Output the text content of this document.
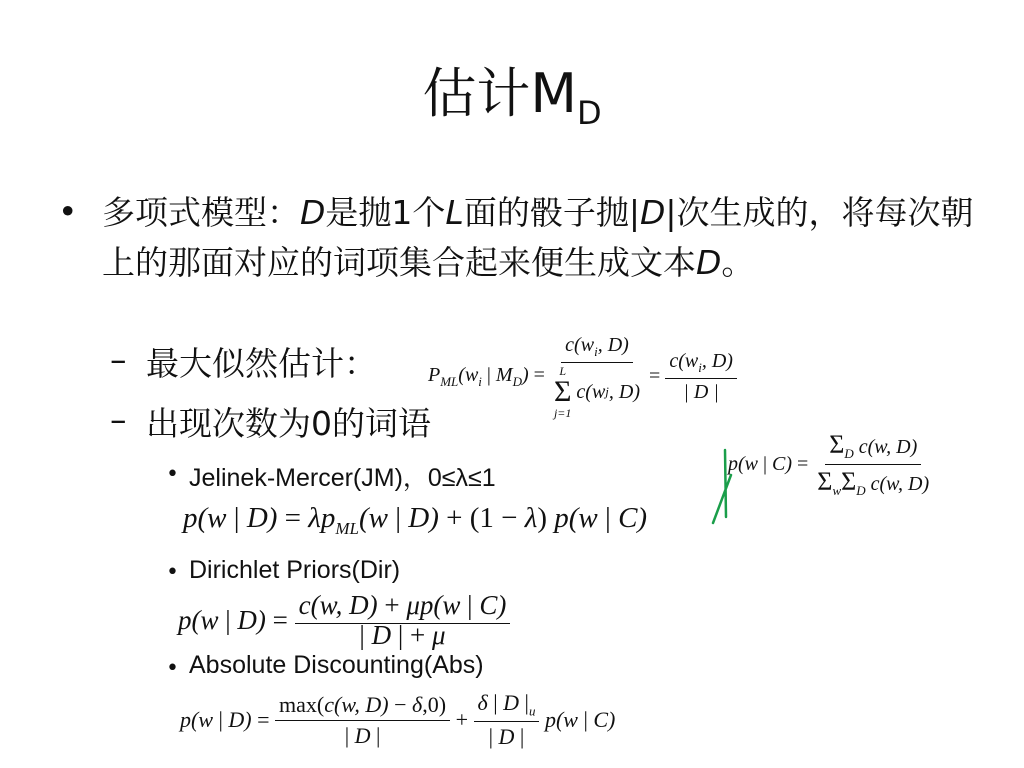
估计$M_D$
• 多项式模型：D是抛1个L面的骰子抛|D|次生成的，将每次朝上的那面对应的词项集合起来便生成文本D。
– 最大似然估计：	$P_{ML}(w_i$ | $M_D) = c(w_i$, D)
L
Σ
j=1
c(w j , $D) = \frac{c(w_i, D)}{| D |}$
– 出现次数为0的词语
p(w | $C) = \frac{\Sigma_D c(w, D)}{\Sigma_w\Sigma_D c(w, D)}$
• Jelinek-Mercer(JM)，0≤λ≤1
p(w | $D) = \lambda p_{ML}(w$ | D) + (1 − λ) p(w | C)
• Dirichlet Priors(Dir)
p(w | $D) = \frac{c(w, D) + \mu p(w | C)}{| D | + \mu}$
• Absolute Discounting(Abs)
p(w | $D) = \frac{\max(c(w, D) - \delta,0)}{| D |} + \frac{\delta | D |_u}{| D |} p(w$ | C)
